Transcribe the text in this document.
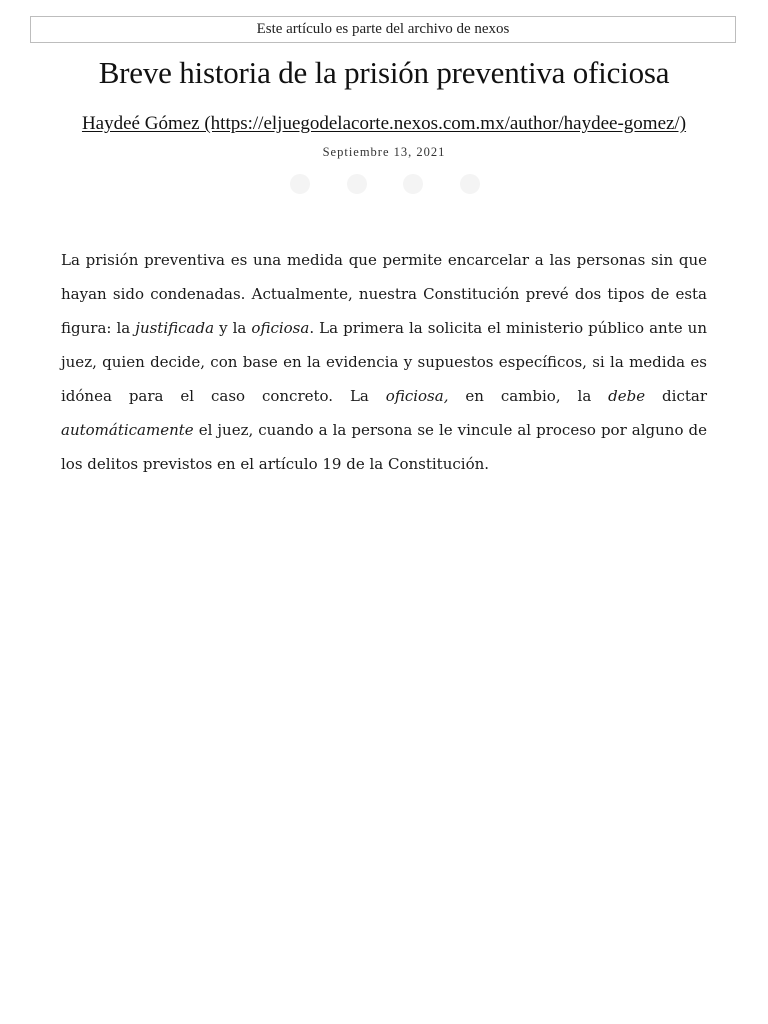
Este artículo es parte del archivo de nexos
Breve historia de la prisión preventiva oficiosa
Haydeé Gómez (https://eljuegodelacorte.nexos.com.mx/author/haydee-gomez/)
Septiembre 13, 2021

La prisión preventiva es una medida que permite encarcelar a las personas sin que hayan sido condenadas. Actualmente, nuestra Constitución prevé dos tipos de esta figura: la justificada y la oficiosa. La primera la solicita el ministerio público ante un juez, quien decide, con base en la evidencia y supuestos específicos, si la medida es idónea para el caso concreto. La oficiosa, en cambio, la debe dictar automáticamente el juez, cuando a la persona se le vincule al proceso por alguno de los delitos previstos en el artículo 19 de la Constitución.
